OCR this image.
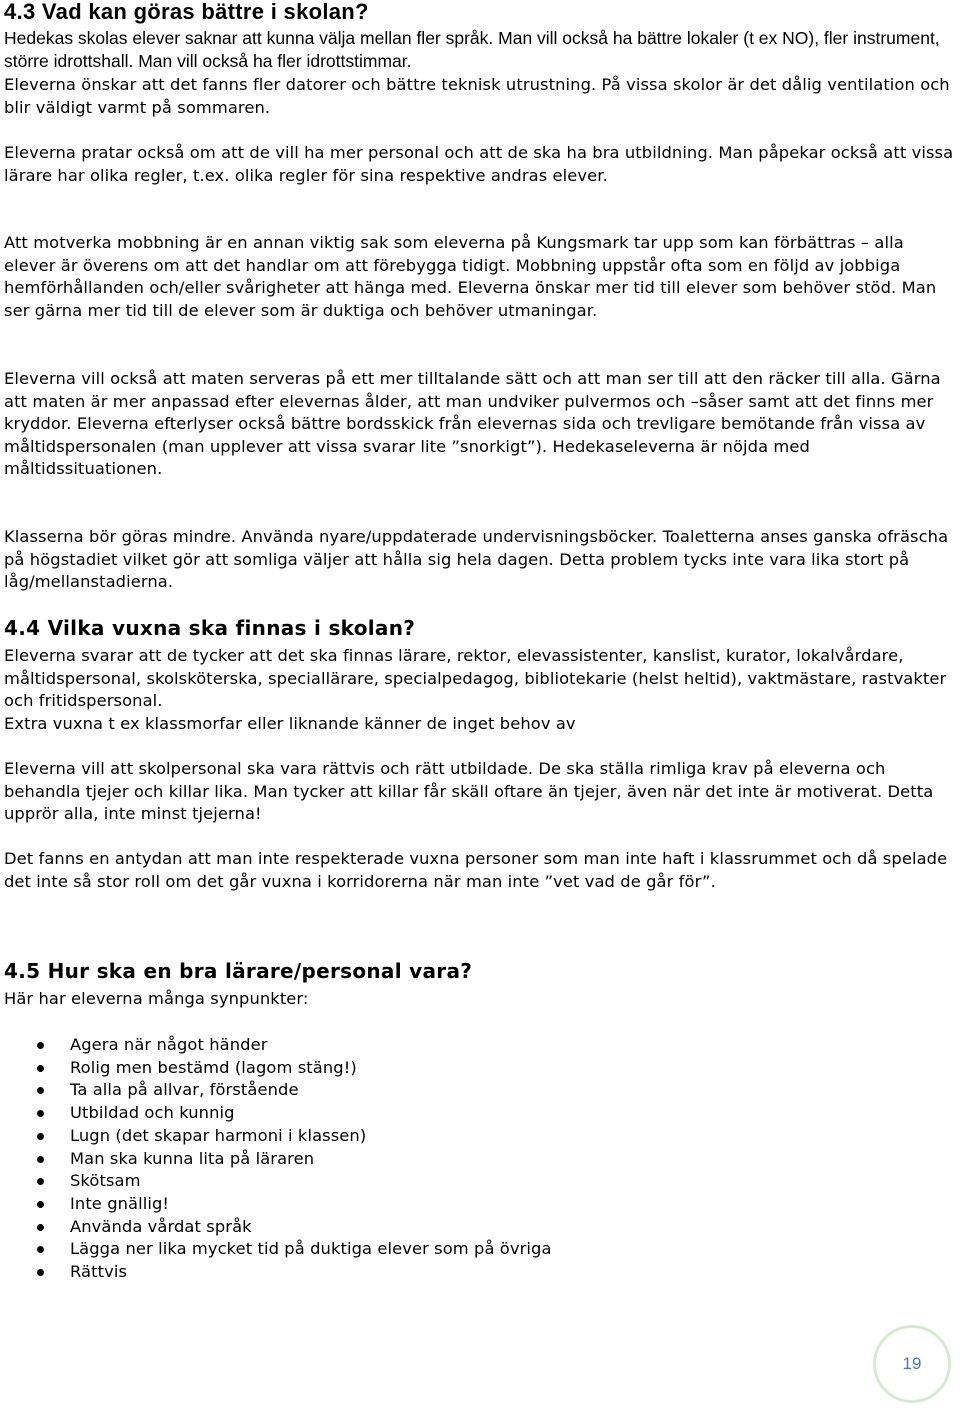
4.3 Vad kan göras bättre i skolan?

Hedekas skolas elever saknar att kunna välja mellan fler språk. Man vill också ha bättre lokaler (t ex NO), fler instrument, större idrottshall. Man vill också ha fler idrottstimmar.

Eleverna önskar att det fanns fler datorer och bättre teknisk utrustning. På vissa skolor är det dålig ventilation och blir väldigt varmt på sommaren.

Eleverna pratar också om att de vill ha mer personal och att de ska ha bra utbildning. Man påpekar också att vissa lärare har olika regler, t.ex. olika regler för sina respektive andras elever.

Att motverka mobbning är en annan viktig sak som eleverna på Kungsmark tar upp som kan förbättras – alla elever är överens om att det handlar om att förebygga tidigt. Mobbning uppstår ofta som en följd av jobbiga hemförhållanden och/eller svårigheter att hänga med. Eleverna önskar mer tid till elever som behöver stöd. Man ser gärna mer tid till de elever som är duktiga och behöver utmaningar.

Eleverna vill också att maten serveras på ett mer tilltalande sätt och att man ser till att den räcker till alla. Gärna att maten är mer anpassad efter elevernas ålder, att man undviker pulvermos och –såser samt att det finns mer kryddor. Eleverna efterlyser också bättre bordsskick från elevernas sida och trevligare bemötande från vissa av måltidspersonalen (man upplever att vissa svarar lite ”snorkigt”). Hedekaseleverna är nöjda med måltidssituationen.

Klasserna bör göras mindre. Använda nyare/uppdaterade undervisningsböcker. Toaletterna anses ganska ofräscha på högstadiet vilket gör att somliga väljer att hålla sig hela dagen. Detta problem tycks inte vara lika stort på låg/mellanstadierna.

4.4 Vilka vuxna ska finnas i skolan?

Eleverna svarar att de tycker att det ska finnas lärare, rektor, elevassistenter, kanslist, kurator, lokalvårdare, måltidspersonal, skolsköterska, speciallärare, specialpedagog, bibliotekarie (helst heltid), vaktmästare, rastvakter och fritidspersonal.

Extra vuxna t ex klassmorfar eller liknande känner de inget behov av

Eleverna vill att skolpersonal ska vara rättvis och rätt utbildade. De ska ställa rimliga krav på eleverna och behandla tjejer och killar lika. Man tycker att killar får skäll oftare än tjejer, även när det inte är motiverat. Detta upprör alla, inte minst tjejerna!

Det fanns en antydan att man inte respekterade vuxna personer som man inte haft i klassrummet och då spelade det inte så stor roll om det går vuxna i korridorerna när man inte ”vet vad de går för”.

4.5 Hur ska en bra lärare/personal vara?

Här har eleverna många synpunkter:

Agera när något händer
Rolig men bestämd (lagom stäng!)
Ta alla på allvar, förstående
Utbildad och kunnig
Lugn (det skapar harmoni i klassen)
Man ska kunna lita på läraren
Skötsam
Inte gnällig!
Använda vårdat språk
Lägga ner lika mycket tid på duktiga elever som på övriga
Rättvis
19
